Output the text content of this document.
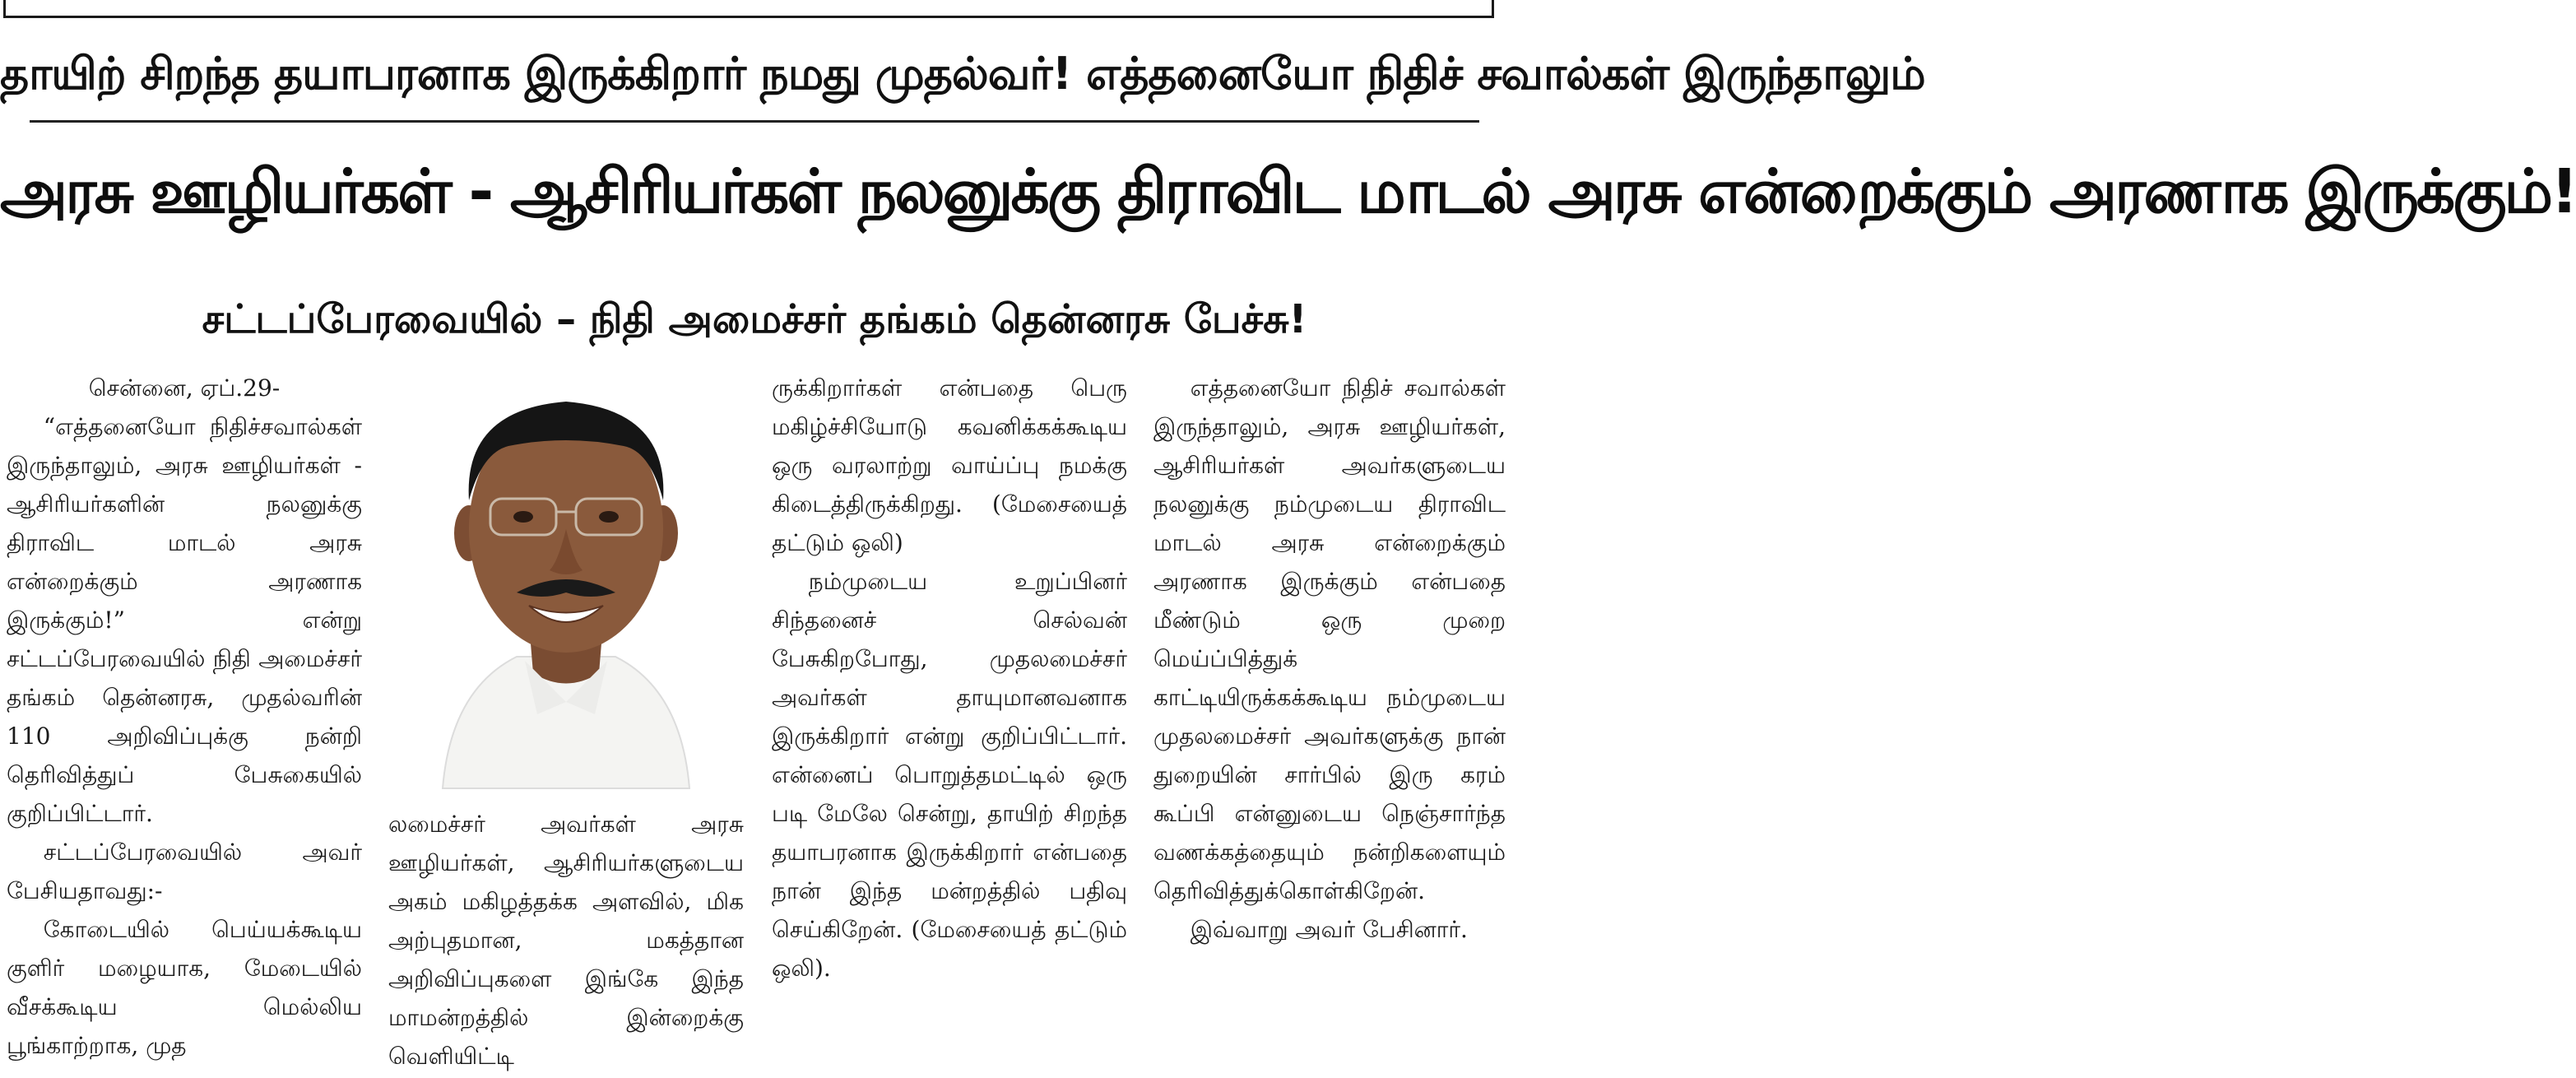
தாயிற் சிறந்த தயாபரனாக இருக்கிறார் நமது முதல்வர்! எத்தனையோ நிதிச் சவால்கள் இருந்தாலும்
அரசு ஊழியர்கள் - ஆசிரியர்கள் நலனுக்கு திராவிட மாடல் அரசு என்றைக்கும் அரணாக இருக்கும்!
சட்டப்பேரவையில் – நிதி அமைச்சர் தங்கம் தென்னரசு பேச்சு!

சென்னை, ஏப்.29-

“எத்தனையோ நிதிச்சவால்கள் இருந்தாலும், அரசு ஊழியர்கள் - ஆசிரியர்களின் நலனுக்கு திராவிட மாடல் அரசு என்றைக்கும் அரணாக இருக்கும்!” என்று சட்டப்பேரவையில் நிதி அமைச்சர் தங்கம் தென்னரசு, முதல்வரின் 110 அறிவிப்புக்கு நன்றி தெரிவித்துப் பேசுகையில் குறிப்பிட்டார்.

சட்டப்பேரவையில் அவர் பேசியதாவது:-

கோடையில் பெய்யக்கூடிய குளிர் மழையாக, மேடையில் வீசக்கூடிய மெல்லிய பூங்காற்றாக, முத

லமைச்சர் அவர்கள் அரசு ஊழியர்கள், ஆசிரியர்களுடைய அகம் மகிழத்தக்க அளவில், மிக அற்புதமான, மகத்தான அறிவிப்புகளை இங்கே இந்த மாமன்றத்தில் இன்றைக்கு வெளியிட்டி

ருக்கிறார்கள் என்பதை பெரு மகிழ்ச்சியோடு கவனிக்கக்கூடிய ஒரு வரலாற்று வாய்ப்பு நமக்கு கிடைத்திருக்கிறது. (மேசையைத் தட்டும் ஒலி)

நம்முடைய உறுப்பினர் சிந்தனைச் செல்வன் பேசுகிறபோது, முதலமைச்சர் அவர்கள் தாயுமானவனாக இருக்கிறார் என்று குறிப்பிட்டார். என்னைப் பொறுத்தமட்டில் ஒரு படி மேலே சென்று, தாயிற் சிறந்த தயாபரனாக இருக்கிறார் என்பதை நான் இந்த மன்றத்தில் பதிவு செய்கிறேன். (மேசையைத் தட்டும் ஒலி).

எத்தனையோ நிதிச் சவால்கள் இருந்தாலும், அரசு ஊழியர்கள், ஆசிரியர்கள் அவர்களுடைய நலனுக்கு நம்முடைய திராவிட மாடல் அரசு என்றைக்கும் அரணாக இருக்கும் என்பதை மீண்டும் ஒரு முறை மெய்ப்பித்துக் காட்டியிருக்கக்கூடிய நம்முடைய முதலமைச்சர் அவர்களுக்கு நான் துறையின் சார்பில் இரு கரம் கூப்பி என்னுடைய நெஞ்சார்ந்த வணக்கத்தையும் நன்றிகளையும் தெரிவித்துக்கொள்கிறேன்.

இவ்வாறு அவர் பேசினார்.
